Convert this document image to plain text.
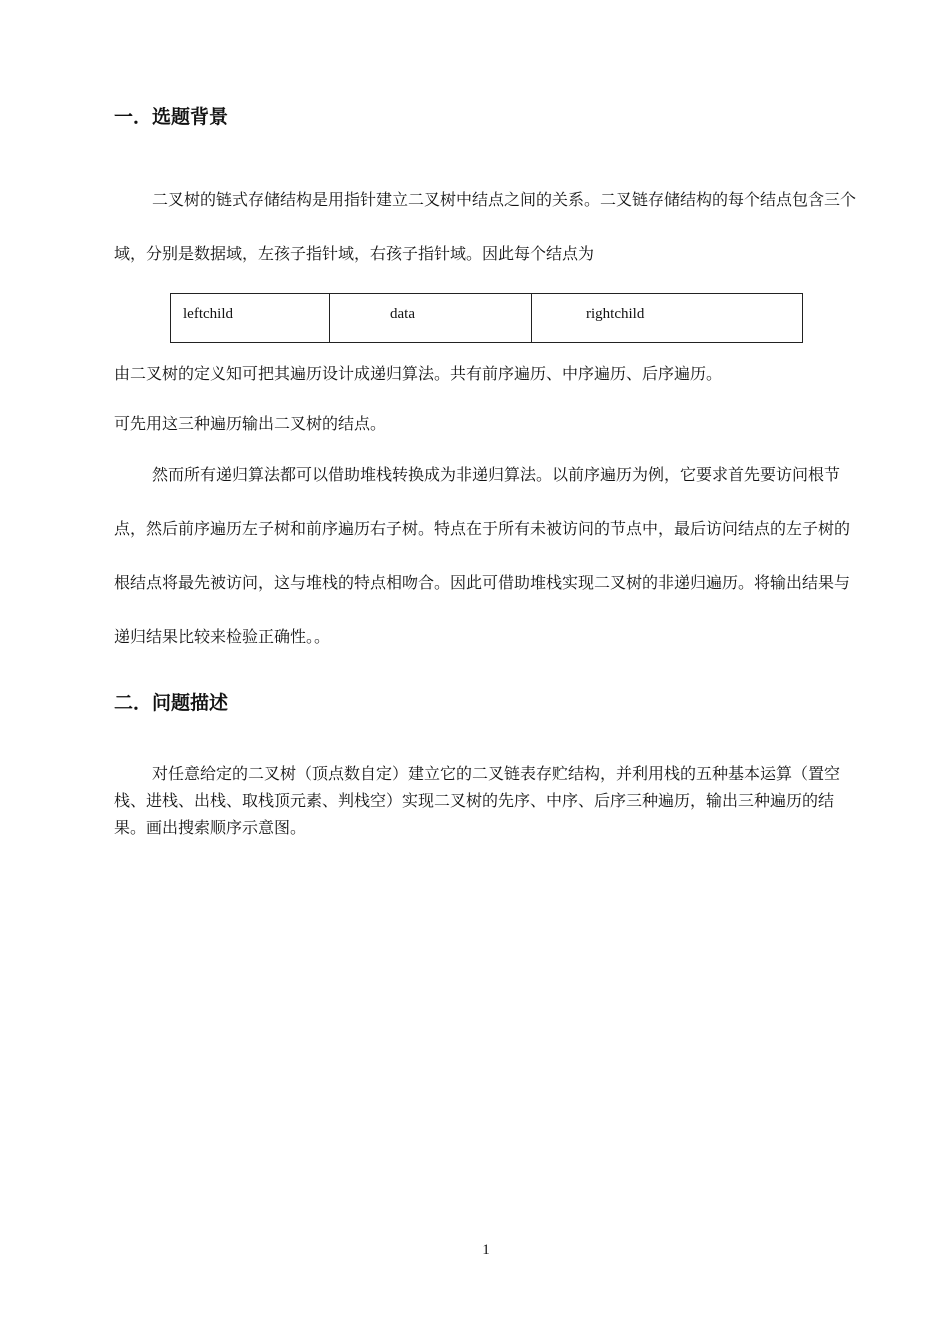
一．选题背景

二叉树的链式存储结构是用指针建立二叉树中结点之间的关系。二叉链存储结构的每个结点包含三个域，分别是数据域，左孩子指针域，右孩子指针域。因此每个结点为

leftchild	data	rightchild

由二叉树的定义知可把其遍历设计成递归算法。共有前序遍历、中序遍历、后序遍历。

可先用这三种遍历输出二叉树的结点。

然而所有递归算法都可以借助堆栈转换成为非递归算法。以前序遍历为例，它要求首先要访问根节点，然后前序遍历左子树和前序遍历右子树。特点在于所有未被访问的节点中，最后访问结点的左子树的根结点将最先被访问，这与堆栈的特点相吻合。因此可借助堆栈实现二叉树的非递归遍历。将输出结果与递归结果比较来检验正确性。。

二．问题描述

对任意给定的二叉树（顶点数自定）建立它的二叉链表存贮结构，并利用栈的五种基本运算（置空栈、进栈、出栈、取栈顶元素、判栈空）实现二叉树的先序、中序、后序三种遍历，输出三种遍历的结果。画出搜索顺序示意图。

1
